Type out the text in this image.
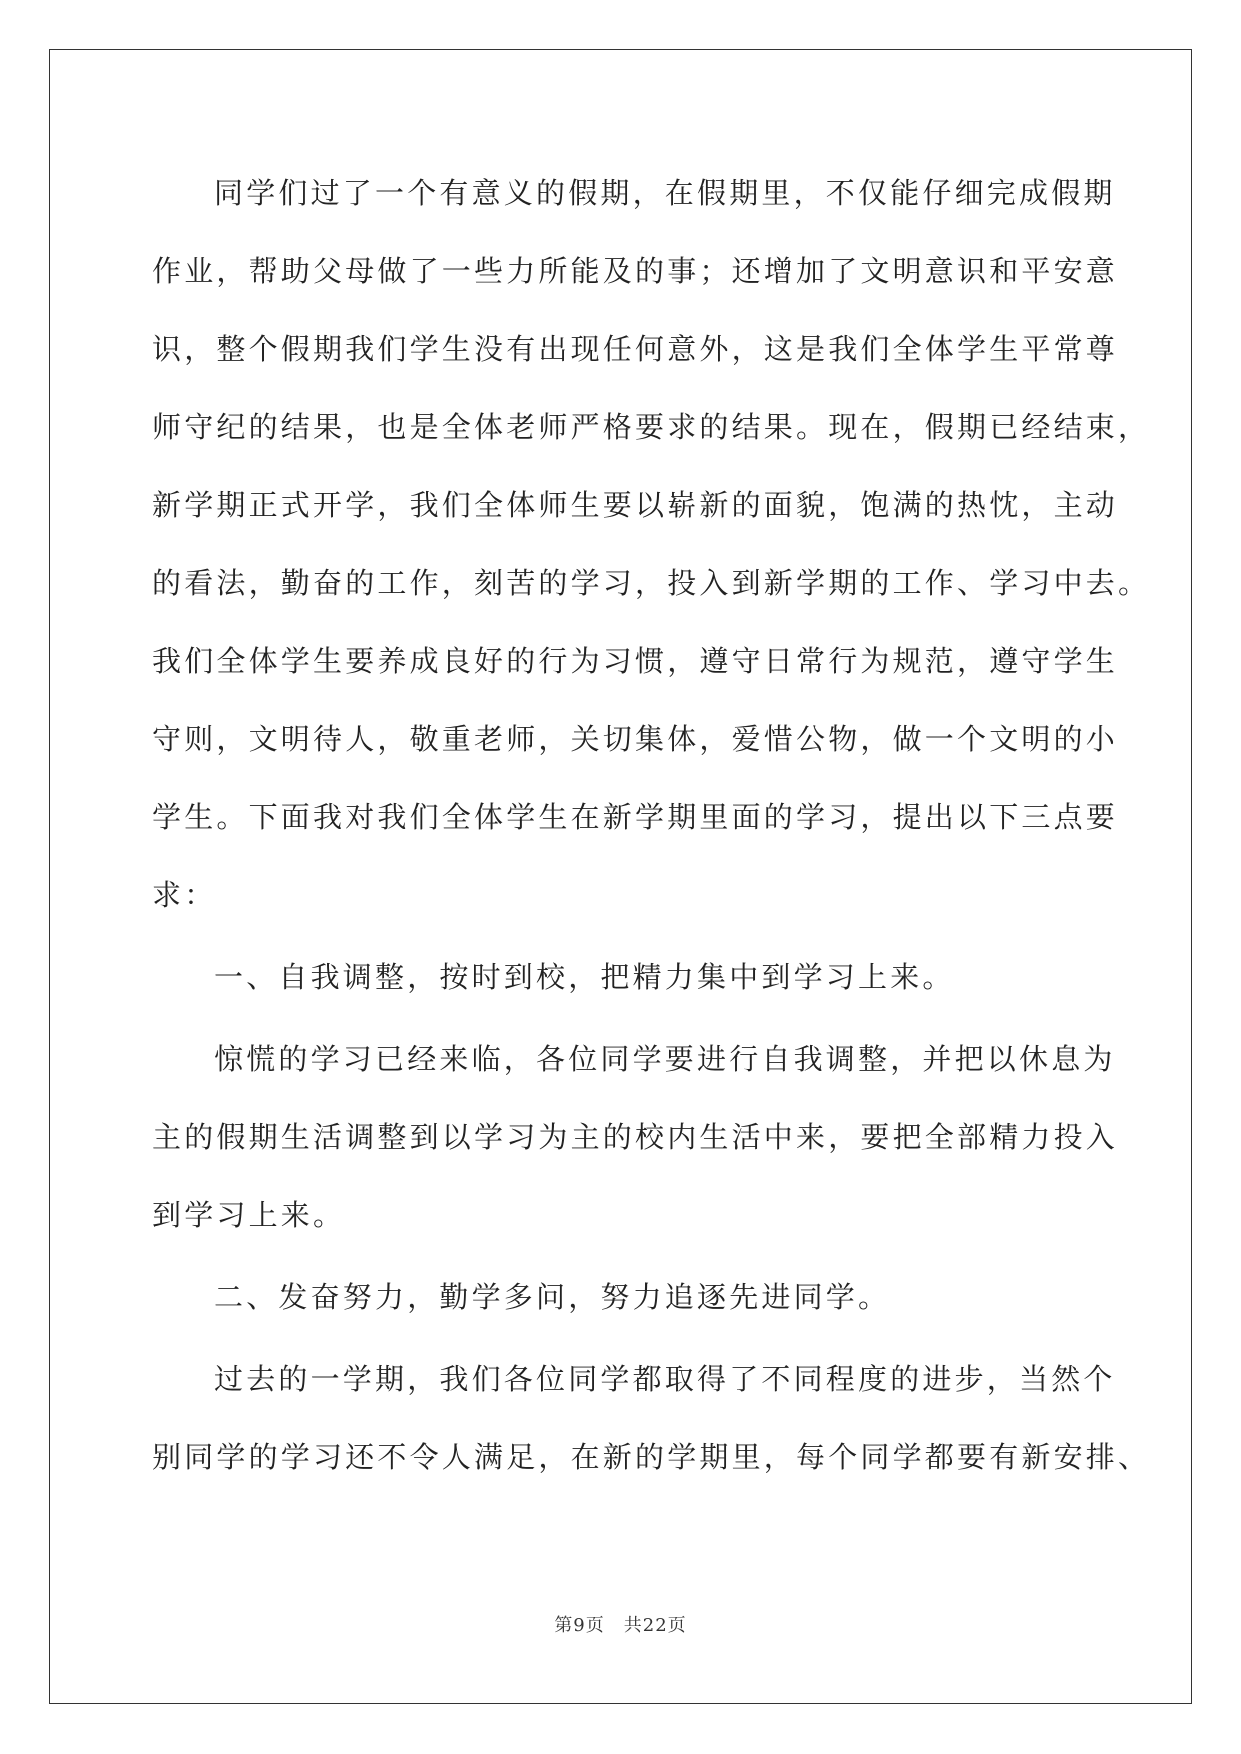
同学们过了一个有意义的假期，在假期里，不仅能仔细完成假期
作业，帮助父母做了一些力所能及的事；还增加了文明意识和平安意
识，整个假期我们学生没有出现任何意外，这是我们全体学生平常尊
师守纪的结果，也是全体老师严格要求的结果。现在，假期已经结束，
新学期正式开学，我们全体师生要以崭新的面貌，饱满的热忱，主动
的看法，勤奋的工作，刻苦的学习，投入到新学期的工作、学习中去。
我们全体学生要养成良好的行为习惯，遵守日常行为规范，遵守学生
守则，文明待人，敬重老师，关切集体，爱惜公物，做一个文明的小
学生。下面我对我们全体学生在新学期里面的学习，提出以下三点要
求：
一、自我调整，按时到校，把精力集中到学习上来。
惊慌的学习已经来临，各位同学要进行自我调整，并把以休息为
主的假期生活调整到以学习为主的校内生活中来，要把全部精力投入
到学习上来。
二、发奋努力，勤学多问，努力追逐先进同学。
过去的一学期，我们各位同学都取得了不同程度的进步，当然个
别同学的学习还不令人满足，在新的学期里，每个同学都要有新安排、
第9页　共22页
